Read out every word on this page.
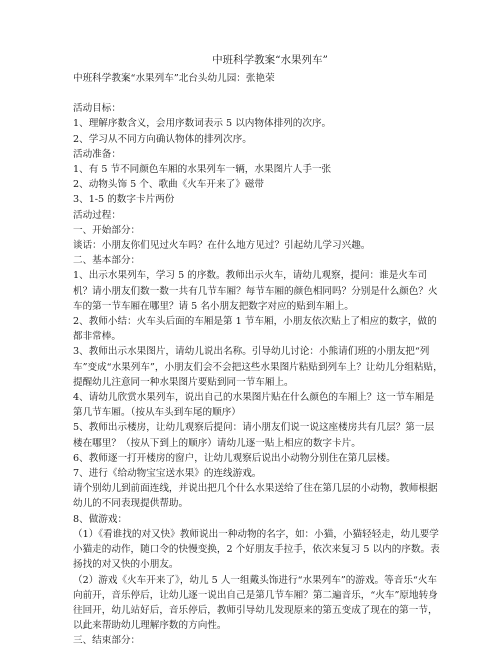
中班科学教案“水果列车”

中班科学教案“水果列车”北台头幼儿园：张艳荣

活动目标：

1、理解序数含义，会用序数词表示 5 以内物体排列的次序。

2、学习从不同方向确认物体的排列次序。

活动准备：

1、有 5 节不同颜色车厢的水果列车一辆，水果图片人手一张

2、动物头饰 5 个、歌曲《火车开来了》磁带

3、1-5 的数字卡片两份

活动过程：

一、开始部分：

谈话：小朋友你们见过火车吗？在什么地方见过？引起幼儿学习兴趣。

二、基本部分：

1、出示水果列车，学习 5 的序数。教师出示火车，请幼儿观察，提问：谁是火车司机？请小朋友们数一数一共有几节车厢？每节车厢的颜色相同吗？分别是什么颜色？火车的第一节车厢在哪里？请 5 名小朋友把数字对应的贴到车厢上。

2、教师小结：火车头后面的车厢是第 1 节车厢，小朋友依次贴上了相应的数字，做的都非常棒。

3、教师出示水果图片，请幼儿说出名称。引导幼儿讨论：小熊请们班的小朋友把“列车”变成“水果列车”，小朋友们会不会把这些水果图片粘贴到列车上？让幼儿分组粘贴，提醒幼儿注意同一种水果图片要贴到同一节车厢上。

4、请幼儿欣赏水果列车，说出自己的水果图片贴在什么颜色的车厢上？这一节车厢是第几节车厢。（按从车头到车尾的顺序）

5、教师出示楼房，让幼儿观察后提问：请小朋友们说一说这座楼房共有几层？第一层楼在哪里？（按从下到上的顺序）请幼儿逐一贴上相应的数字卡片。

6、教师逐一打开楼房的窗户，让幼儿观察后说出小动物分别住在第几层楼。

7、进行《给动物宝宝送水果》的连线游戏。

请个别幼儿到前面连线，并说出把几个什么水果送给了住在第几层的小动物，教师根据幼儿的不同表现提供帮助。

8、做游戏：

（1）《看谁找的对又快》教师说出一种动物的名字，如：小猫，小猫轻轻走，幼儿要学小猫走的动作，随口令的快慢变换，2 个好朋友手拉手，依次来复习 5 以内的序数。表扬找的对又快的小朋友。

（2）游戏《火车开来了》，幼儿 5 人一组戴头饰进行“水果列车”的游戏。等音乐“火车向前开，音乐停后，让幼儿逐一说出自己是第几节车厢？第二遍音乐，“火车”原地转身往回开，幼儿站好后，音乐停后，教师引导幼儿发现原来的第五变成了现在的第一节，以此来帮助幼儿理解序数的方向性。

三、结束部分：
